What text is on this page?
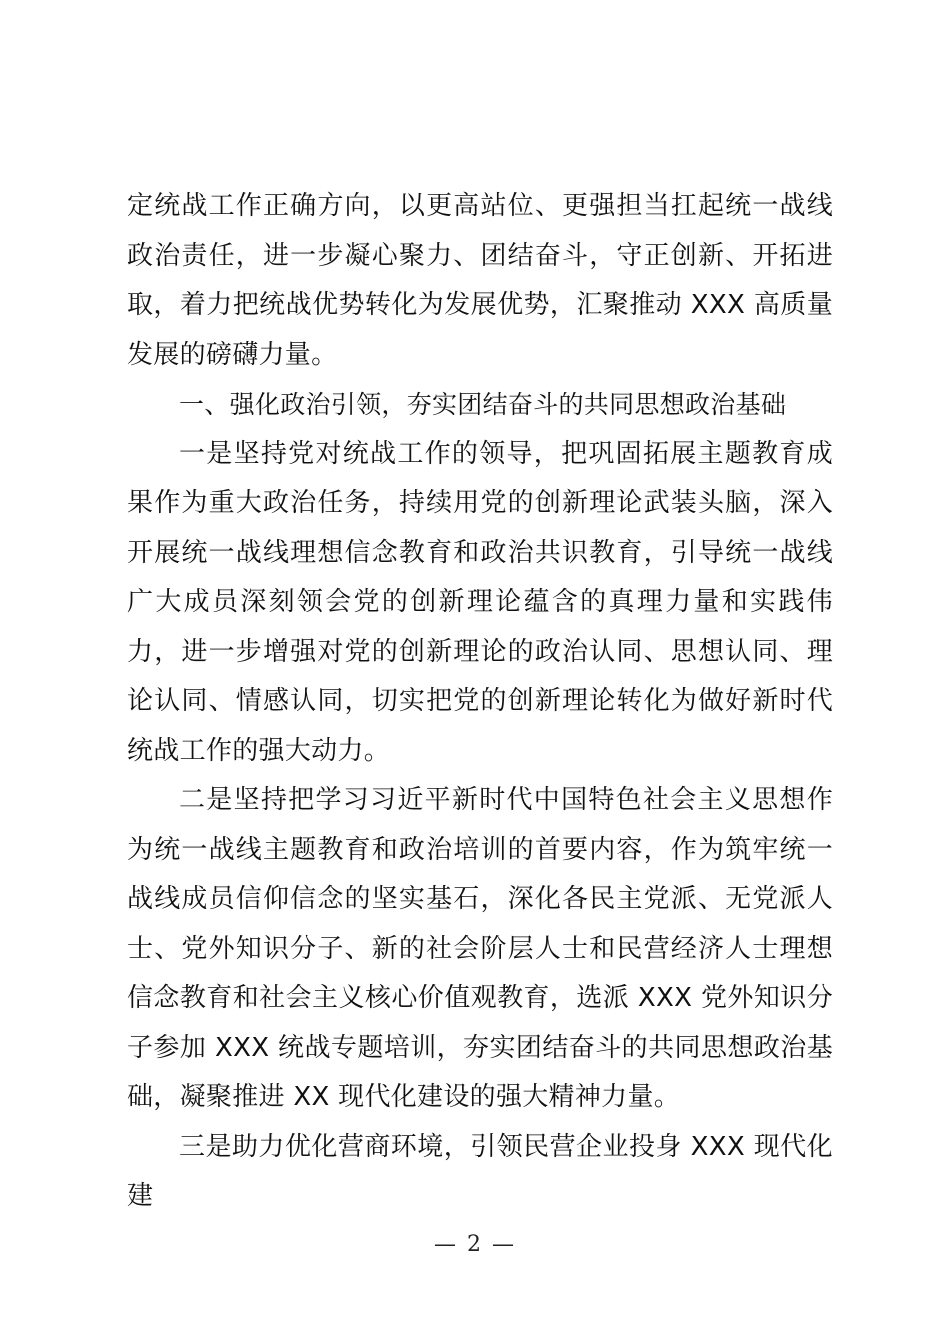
定统战工作正确方向，以更高站位、更强担当扛起统一战线政治责任，进一步凝心聚力、团结奋斗，守正创新、开拓进取，着力把统战优势转化为发展优势，汇聚推动 XXX 高质量发展的磅礴力量。

一、强化政治引领，夯实团结奋斗的共同思想政治基础

一是坚持党对统战工作的领导，把巩固拓展主题教育成果作为重大政治任务，持续用党的创新理论武装头脑，深入开展统一战线理想信念教育和政治共识教育，引导统一战线广大成员深刻领会党的创新理论蕴含的真理力量和实践伟力，进一步增强对党的创新理论的政治认同、思想认同、理论认同、情感认同，切实把党的创新理论转化为做好新时代统战工作的强大动力。

二是坚持把学习习近平新时代中国特色社会主义思想作为统一战线主题教育和政治培训的首要内容，作为筑牢统一战线成员信仰信念的坚实基石，深化各民主党派、无党派人士、党外知识分子、新的社会阶层人士和民营经济人士理想信念教育和社会主义核心价值观教育，选派 XXX 党外知识分子参加 XXX 统战专题培训，夯实团结奋斗的共同思想政治基础，凝聚推进 XX 现代化建设的强大精神力量。

三是助力优化营商环境，引领民营企业投身 XXX 现代化建

— 2 —
